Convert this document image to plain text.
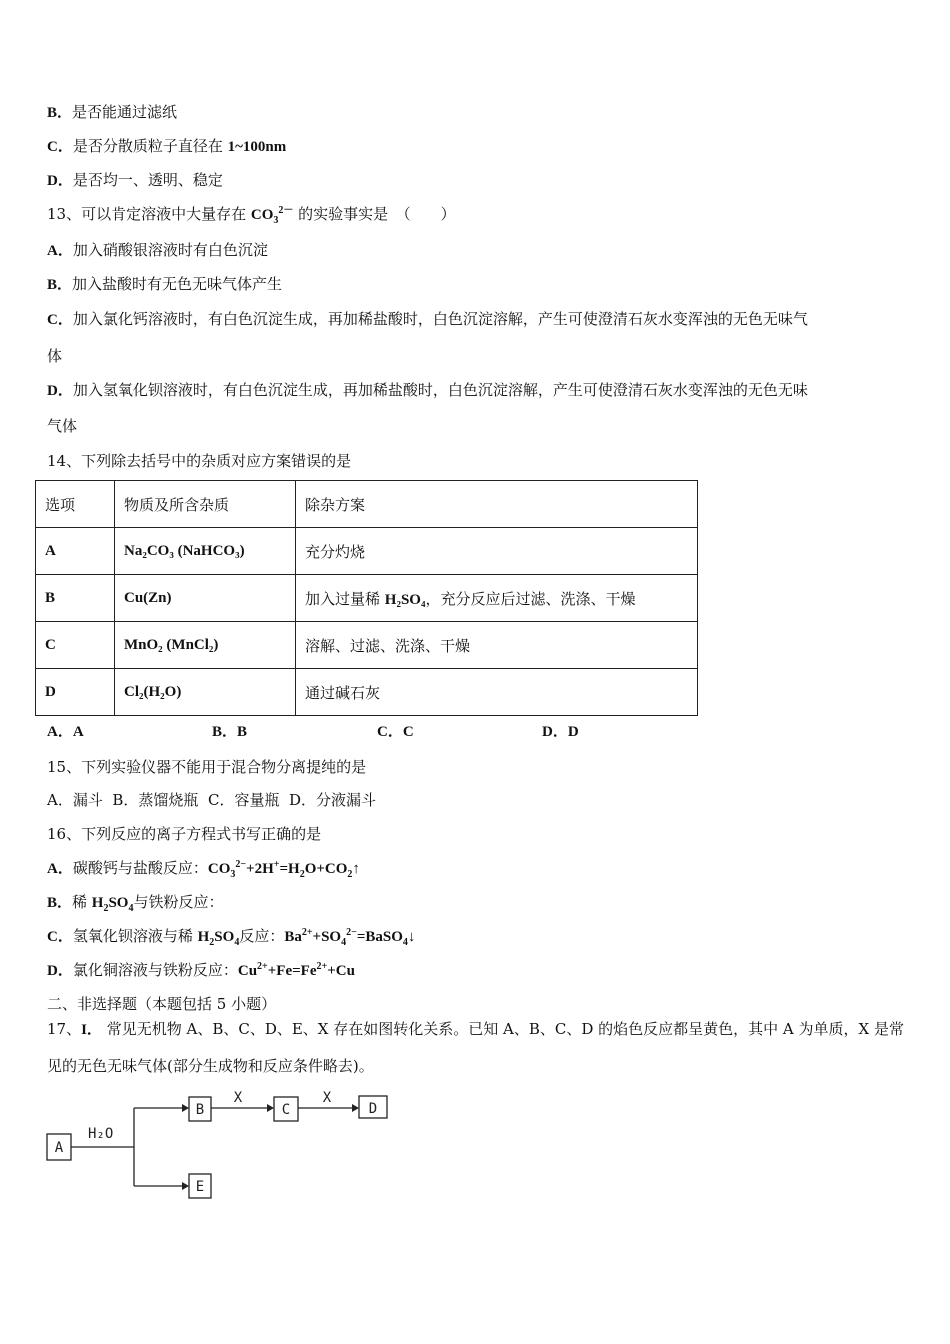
B．是否能通过滤纸
C．是否分散质粒子直径在 1~100nm
D．是否均一、透明、稳定
13、可以肯定溶液中大量存在 $CO_3^{2-}$ 的实验事实是　（　　）
A．加入硝酸银溶液时有白色沉淀
B．加入盐酸时有无色无味气体产生
C．加入氯化钙溶液时，有白色沉淀生成，再加稀盐酸时，白色沉淀溶解，产生可使澄清石灰水变浑浊的无色无味气
体
D．加入氢氧化钡溶液时，有白色沉淀生成，再加稀盐酸时，白色沉淀溶解，产生可使澄清石灰水变浑浊的无色无味
气体
14、下列除去括号中的杂质对应方案错误的是
选项	物质及所含杂质	除杂方案
A	Na₂CO₃ (NaHCO₃)	充分灼烧
B	Cu(Zn)	加入过量稀 H₂SO₄，充分反应后过滤、洗涤、干燥
C	MnO₂ (MnCl₂)	溶解、过滤、洗涤、干燥
D	Cl₂(H₂O)	通过碱石灰
A．A	B．B	C．C	D．D
15、下列实验仪器不能用于混合物分离提纯的是
A．漏斗 B．蒸馏烧瓶 C．容量瓶 D．分液漏斗
16、下列反应的离子方程式书写正确的是
A．碳酸钙与盐酸反应：$CO_3^{2-}+2H^+=H_2O+CO_2↑$
B．稀 $H_2SO_4$与铁粉反应：
C．氢氧化钡溶液与稀 $H_2SO_4$反应：$Ba^{2+}+SO_4^{2-}=BaSO_4↓$
D．氯化铜溶液与铁粉反应：$Cu^{2+}+Fe=Fe^{2+}+Cu$
二、非选择题（本题包括 5 小题）
17、I． 常见无机物 A、B、C、D、E、X 存在如图转化关系。已知 A、B、C、D 的焰色反应都呈黄色，其中 A 为单质，X 是常
见的无色无味气体(部分生成物和反应条件略去)。
A
H₂O
B
E
X
C
X
D
